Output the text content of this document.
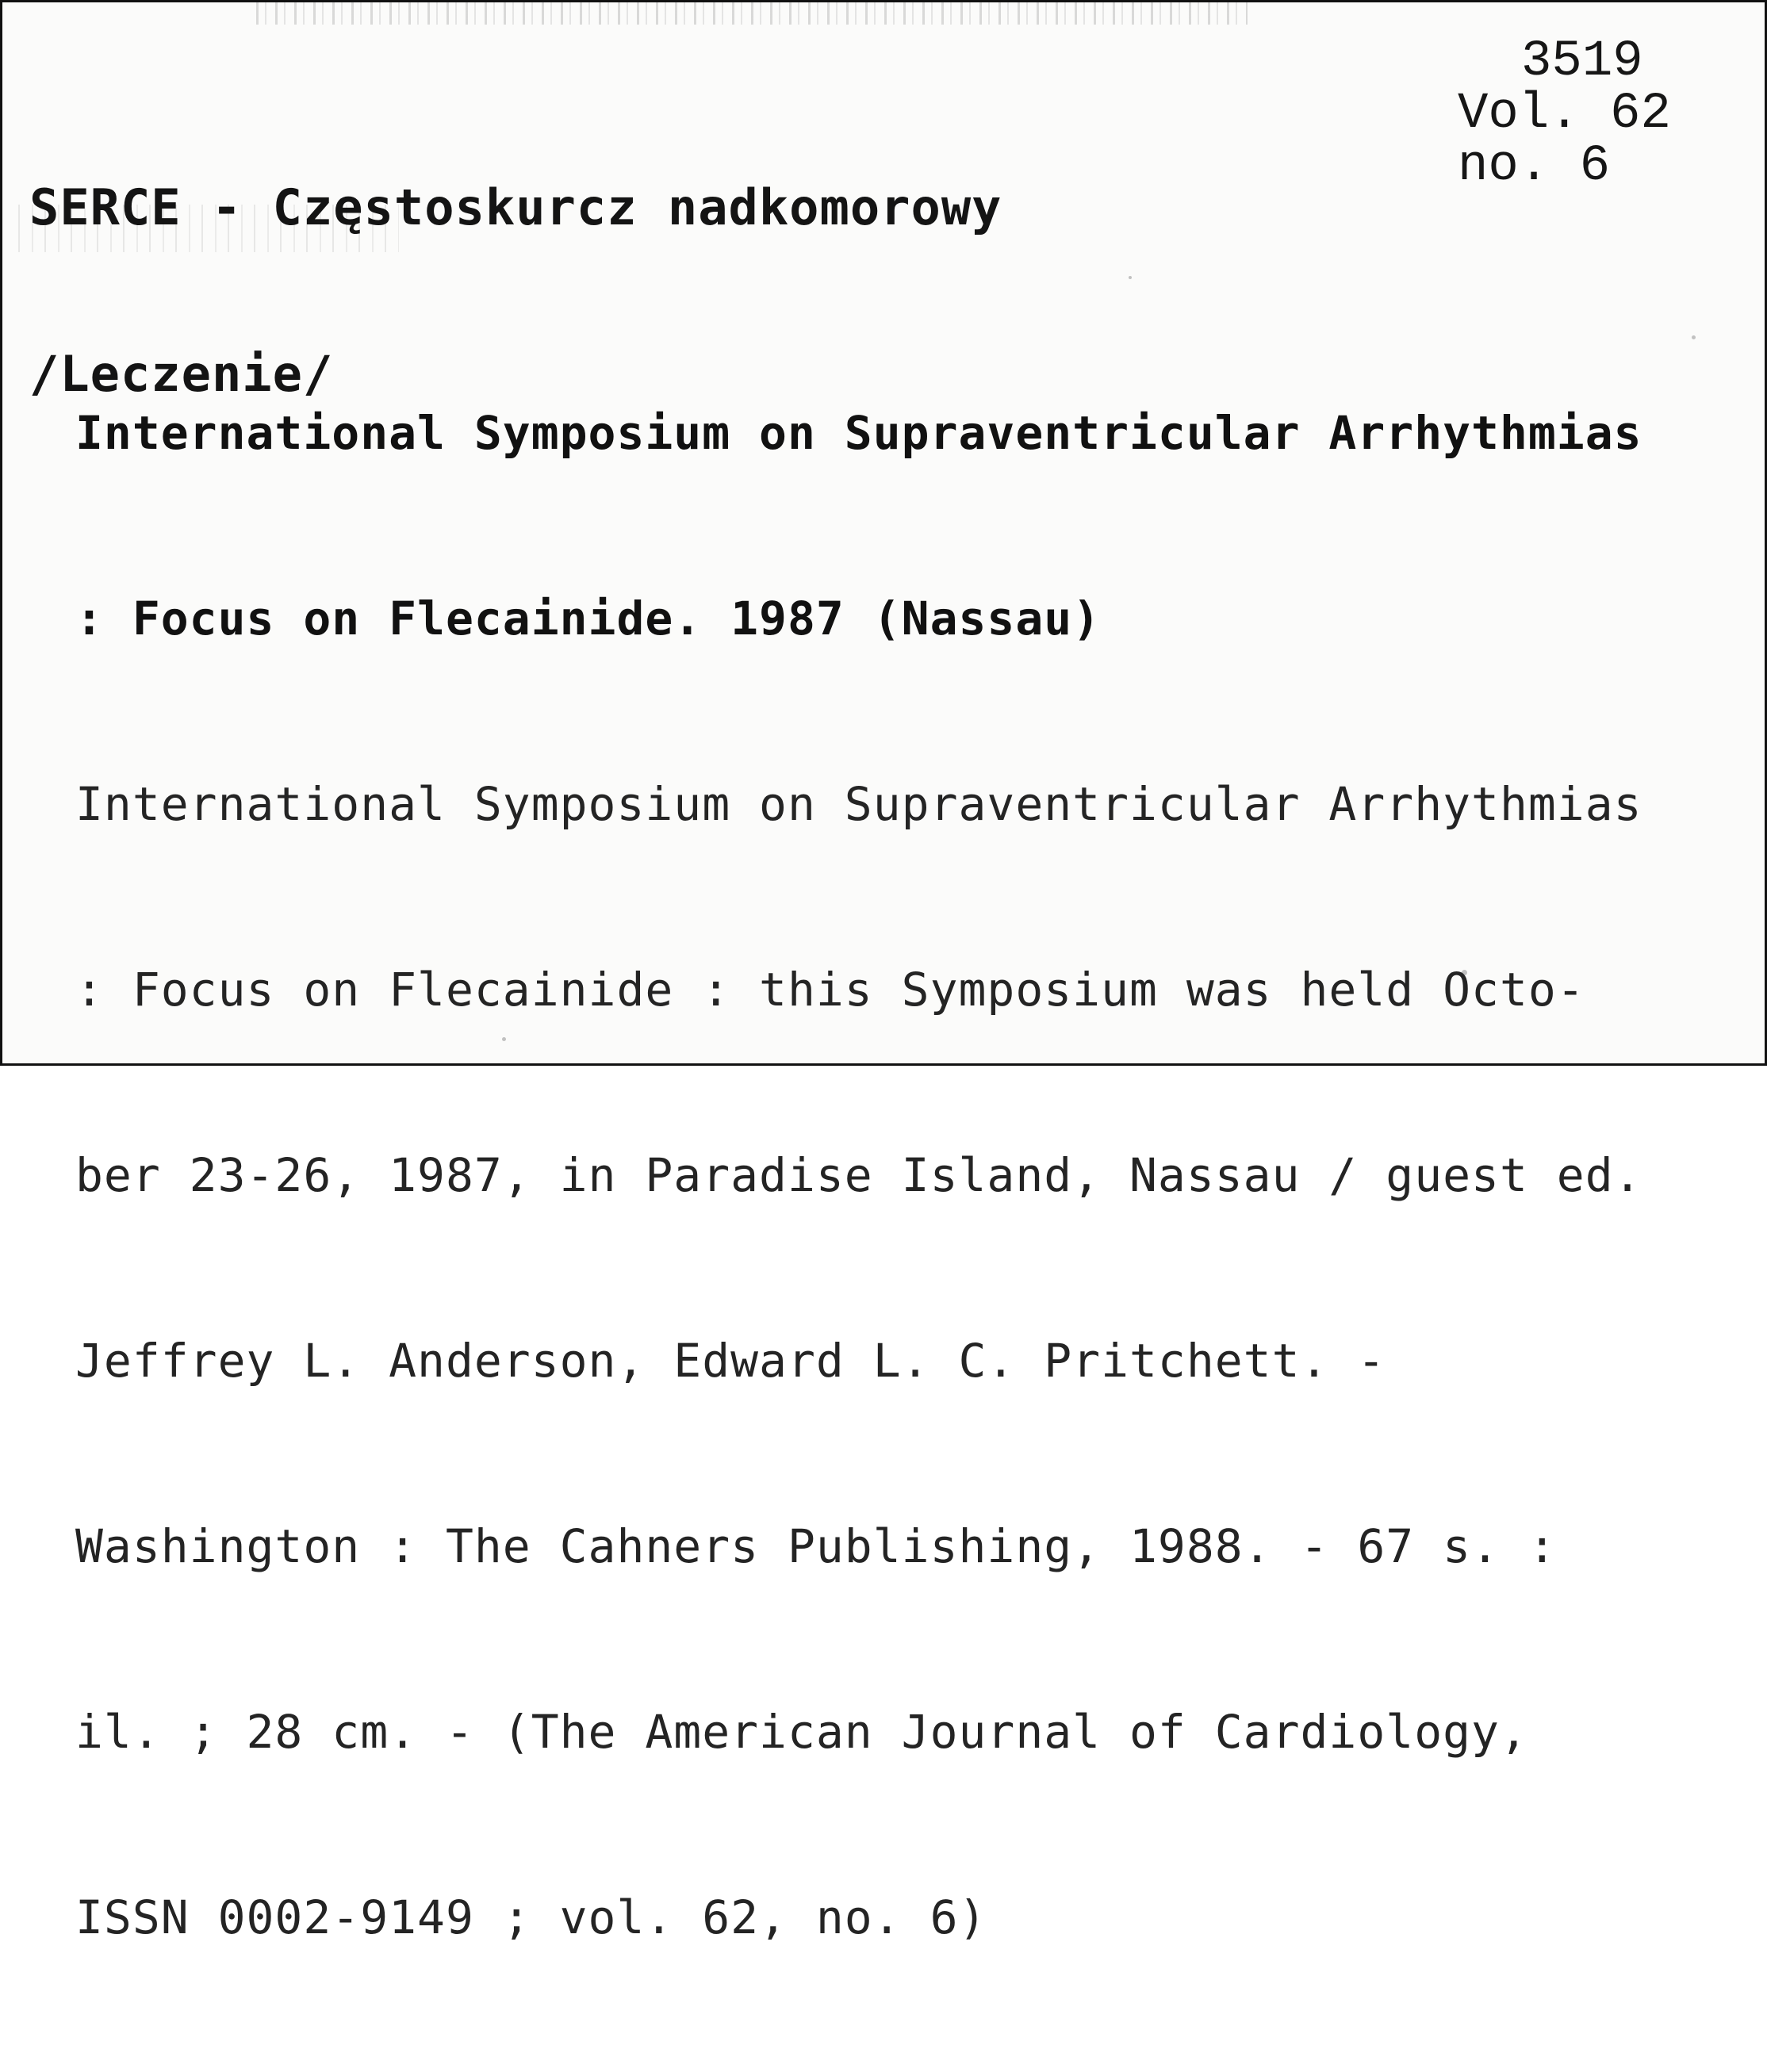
SERCE - Częstoskurcz nadkomorowy

/Leczenie/

3519
Vol. 62
no. 6

International Symposium on Supraventricular Arrhythmias

: Focus on Flecainide. 1987 (Nassau)

International Symposium on Supraventricular Arrhythmias

: Focus on Flecainide : this Symposium was held Octo-

ber 23-26, 1987, in Paradise Island, Nassau / guest ed.

Jeffrey L. Anderson, Edward L. C. Pritchett. -

Washington : The Cahners Publishing, 1988. - 67 s. :

il. ; 28 cm. - (The American Journal of Cardiology,

ISSN 0002-9149 ; vol. 62, no. 6)
